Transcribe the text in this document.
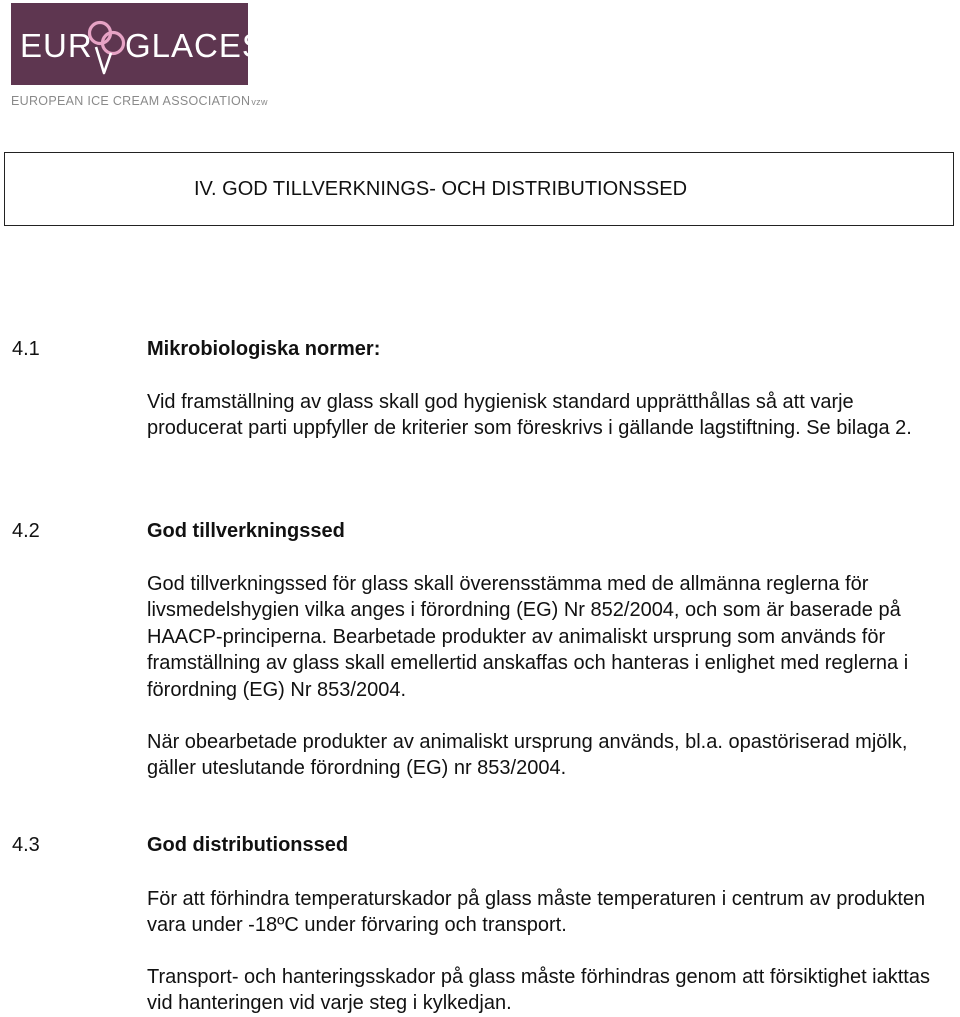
EUR GLACES
EUROPEAN ICE CREAM ASSOCIATIONvzw
IV. GOD TILLVERKNINGS- OCH DISTRIBUTIONSSED
4.1	Mikrobiologiska normer:

Vid framställning av glass skall god hygienisk standard upprätthållas så att varje producerat parti uppfyller de kriterier som föreskrivs i gällande lagstiftning. Se bilaga 2.

4.2	God tillverkningssed

God tillverkningssed för glass skall överensstämma med de allmänna reglerna för livsmedelshygien vilka anges i förordning (EG) Nr 852/2004, och som är baserade på HAACP-principerna. Bearbetade produkter av animaliskt ursprung som används för framställning av glass skall emellertid anskaffas och hanteras i enlighet med reglerna i förordning (EG) Nr 853/2004.

När obearbetade produkter av animaliskt ursprung används, bl.a. opastöriserad mjölk, gäller uteslutande förordning (EG) nr 853/2004.

4.3	God distributionssed

För att förhindra temperaturskador på glass måste temperaturen i centrum av produkten vara under -18ºC under förvaring och transport.

Transport- och hanteringsskador på glass måste förhindras genom att försiktighet iakttas vid hanteringen vid varje steg i kylkedjan.
